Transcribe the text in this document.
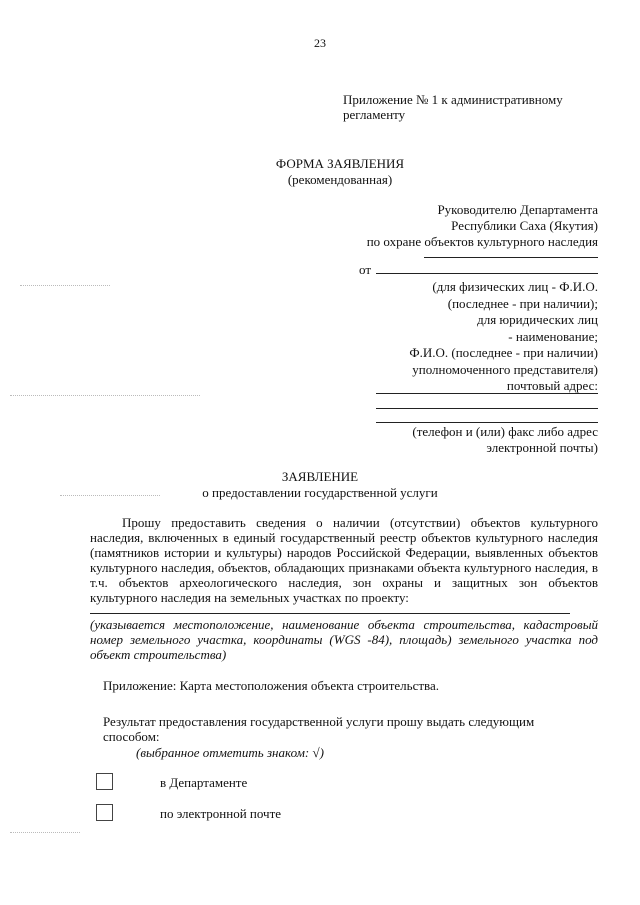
23
Приложение № 1 к административному
регламенту
ФОРМА ЗАЯВЛЕНИЯ
(рекомендованная)
Руководителю Департамента
Республики Саха (Якутия)
по охране объектов культурного наследия
от
(для физических лиц - Ф.И.О.
(последнее - при наличии);
для юридических лиц
- наименование;
Ф.И.О. (последнее - при наличии)
уполномоченного представителя)
почтовый адрес:
(телефон и (или) факс либо адрес
электронной почты)
ЗАЯВЛЕНИЕ
о предоставлении государственной услуги
Прошу предоставить сведения о наличии (отсутствии) объектов культурного наследия, включенных в единый государственный реестр объектов культурного наследия (памятников истории и культуры) народов Российской Федерации, выявленных объектов культурного наследия, объектов, обладающих признаками объекта культурного наследия, в т.ч. объектов археологического наследия, зон охраны и защитных зон объектов культурного наследия на земельных участках по проекту:
(указывается местоположение, наименование объекта строительства, кадастровый номер земельного участка, координаты (WGS -84), площадь) земельного участка под объект строительства)
Приложение: Карта местоположения объекта строительства.
Результат предоставления государственной услуги прошу выдать следующим способом:
(выбранное отметить знаком: √)
в Департаменте
по электронной почте
